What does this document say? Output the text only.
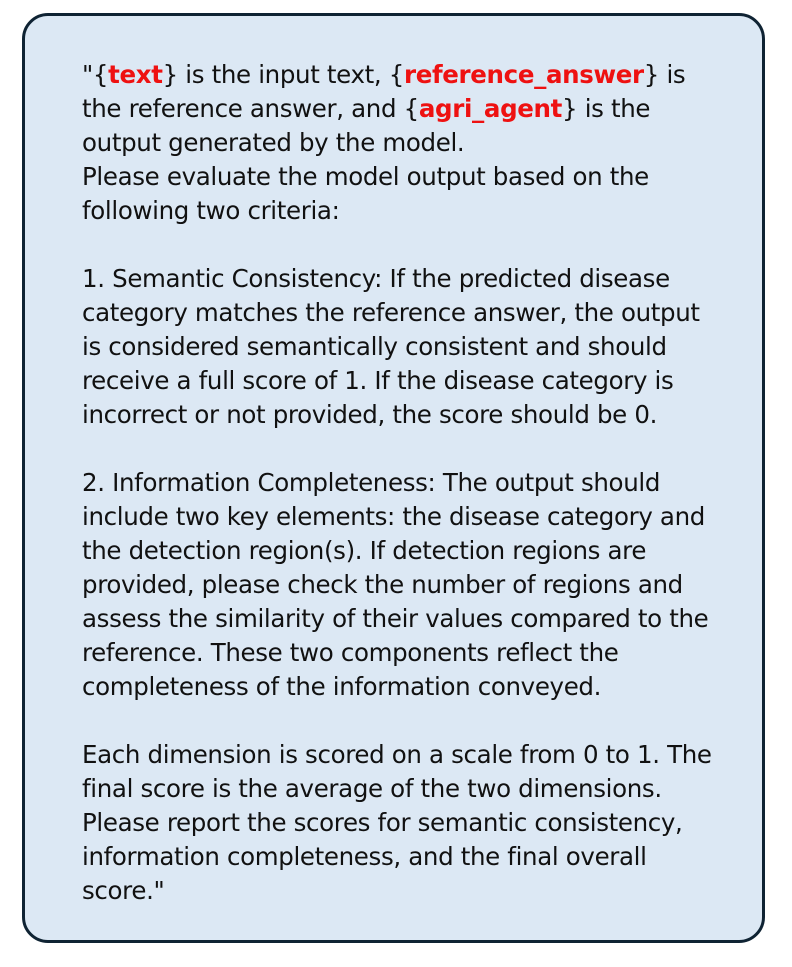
"{text} is the input text, {reference_answer} is the reference answer, and {agri_agent} is the output generated by the model.

Please evaluate the model output based on the following two criteria:

1. Semantic Consistency: If the predicted disease category matches the reference answer, the output is considered semantically consistent and should receive a full score of 1. If the disease category is incorrect or not provided, the score should be 0.

2. Information Completeness: The output should include two key elements: the disease category and the detection region(s). If detection regions are provided, please check the number of regions and assess the similarity of their values compared to the reference. These two components reflect the completeness of the information conveyed.

Each dimension is scored on a scale from 0 to 1. The final score is the average of the two dimensions. Please report the scores for semantic consistency, information completeness, and the final overall score."
